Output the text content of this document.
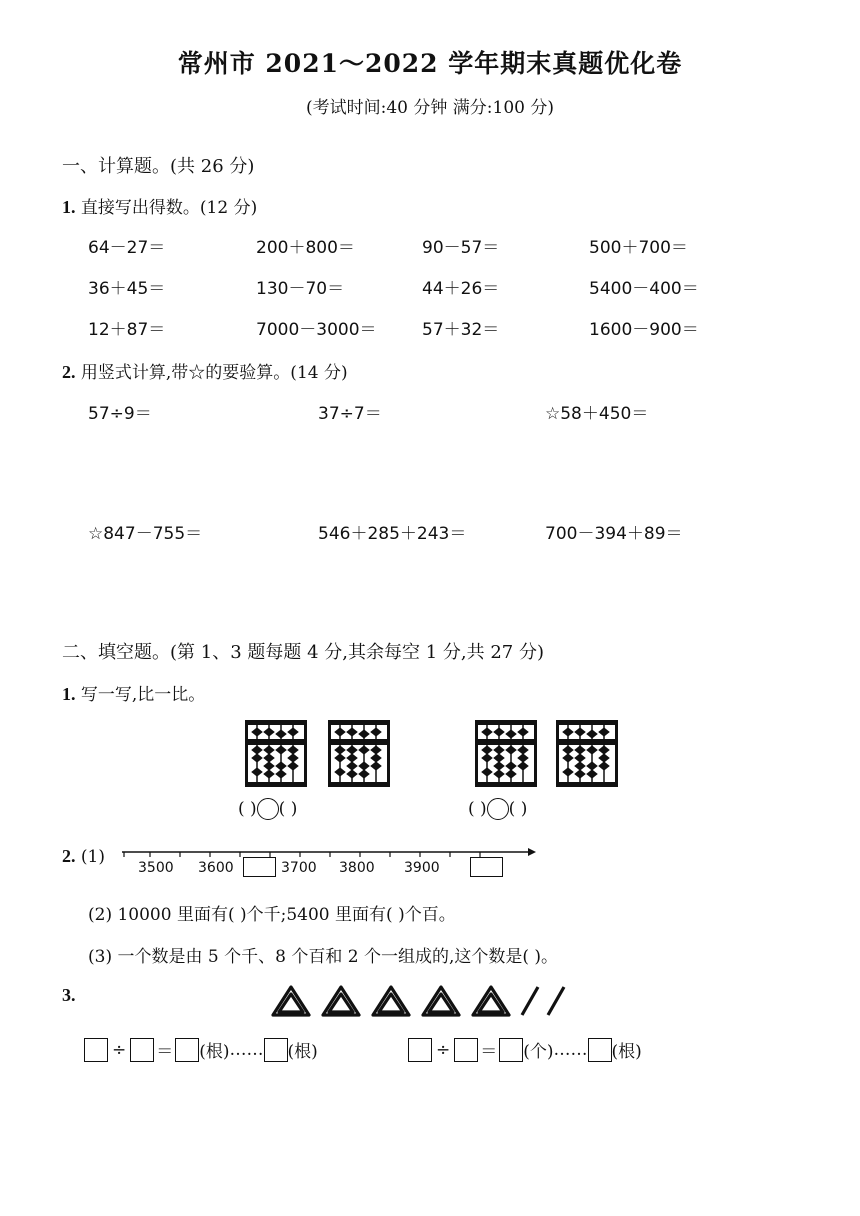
常州市 2021～2022 学年期末真题优化卷
(考试时间:40 分钟 满分:100 分)
一、计算题。(共 26 分)
1. 直接写出得数。(12 分)
64－27＝	200＋800＝	90－57＝	500＋700＝
36＋45＝	130－70＝	44＋26＝	5400－400＝
12＋87＝	7000－3000＝	57＋32＝	1600－900＝
2. 用竖式计算,带☆的要验算。(14 分)
57÷9＝	37÷7＝	☆58＋450＝
☆847－755＝	546＋285＋243＝	700－394＋89＝
二、填空题。(第 1、3 题每题 4 分,其余每空 1 分,共 27 分)
1. 写一写,比一比。
( ) ( )	( ) ( )
2. (1)
3500 3600	3700 3800 3900
(2) 10000 里面有( )个千;5400 里面有( )个百。
(3) 一个数是由 5 个千、8 个百和 2 个一组成的,这个数是( )。
3.
÷ ＝ (根) …… (根)	÷ ＝ (个) …… (根)
